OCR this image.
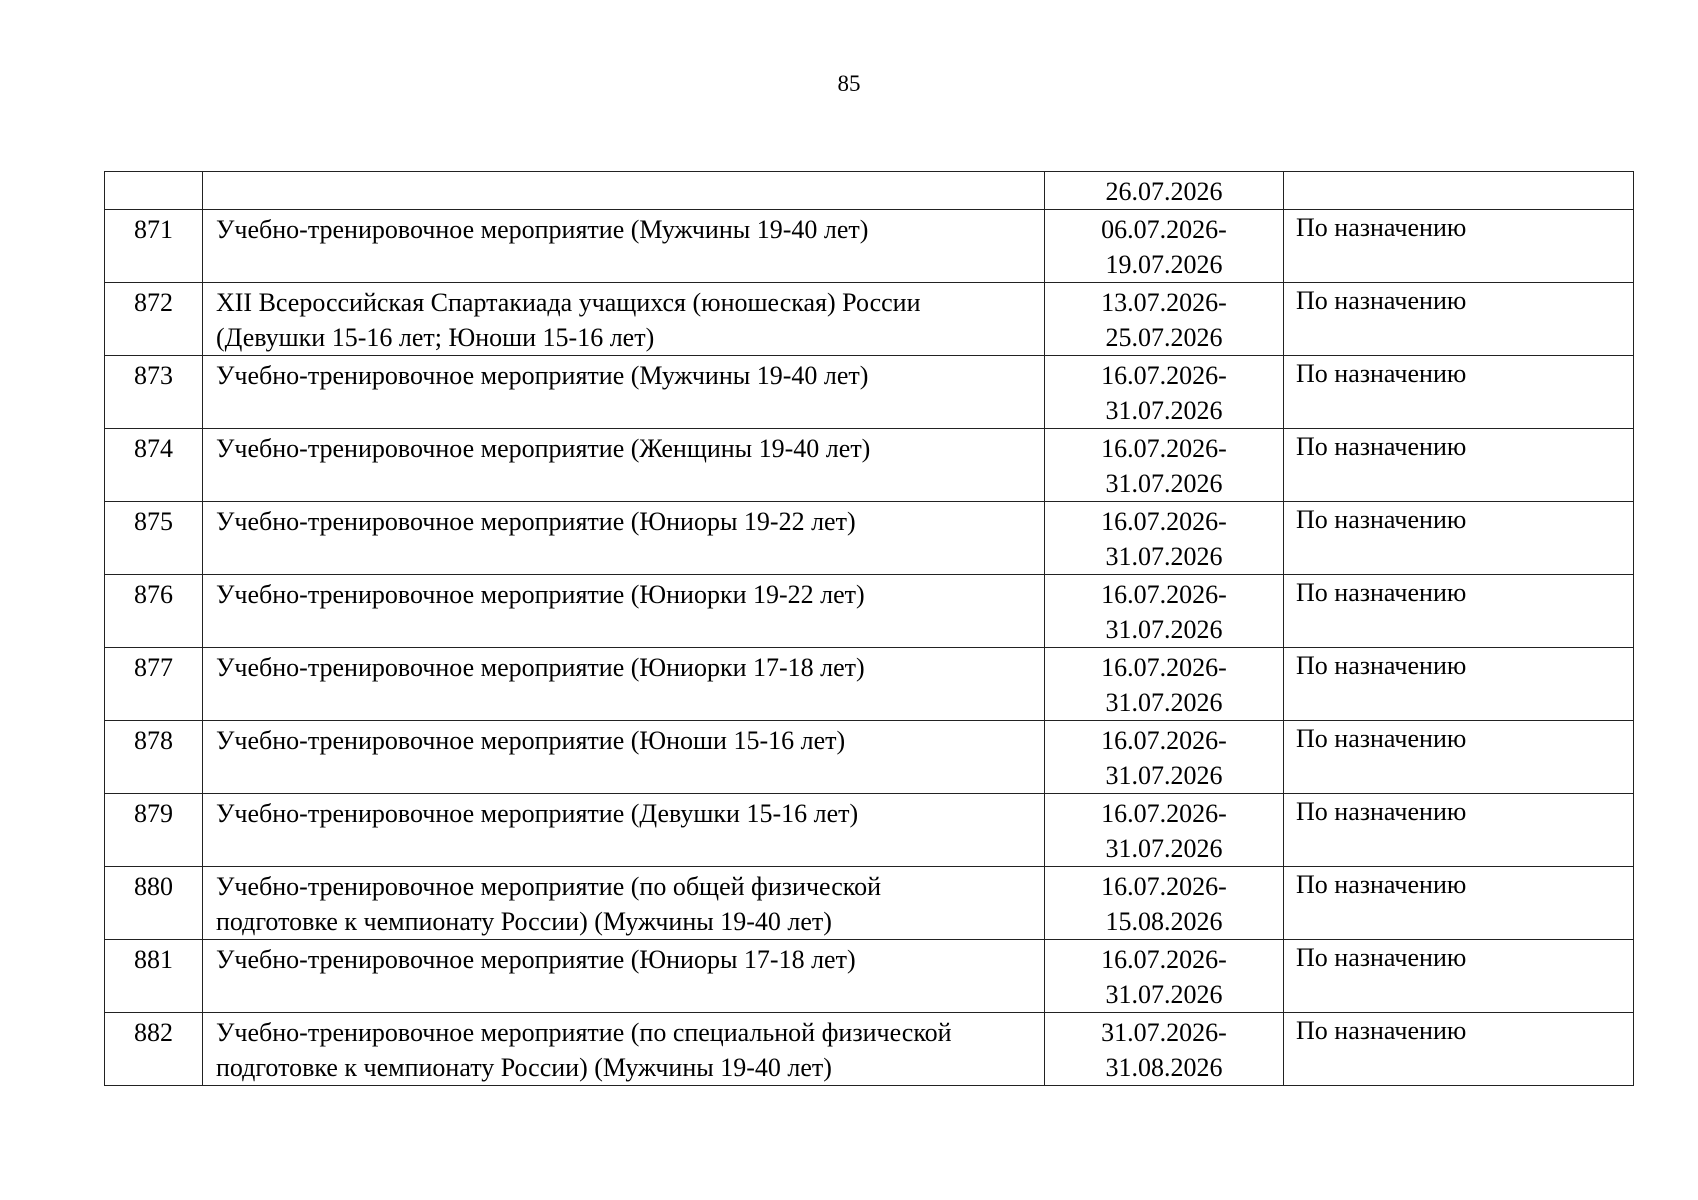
85

		26.07.2026	

871	Учебно-тренировочное мероприятие (Мужчины 19-40 лет)	06.07.2026-
19.07.2026	По назначению

872	XII Всероссийская Спартакиада учащихся (юношеская) России
(Девушки 15-16 лет; Юноши 15-16 лет)	13.07.2026-
25.07.2026	По назначению

873	Учебно-тренировочное мероприятие (Мужчины 19-40 лет)	16.07.2026-
31.07.2026	По назначению

874	Учебно-тренировочное мероприятие (Женщины 19-40 лет)	16.07.2026-
31.07.2026	По назначению

875	Учебно-тренировочное мероприятие (Юниоры 19-22 лет)	16.07.2026-
31.07.2026	По назначению

876	Учебно-тренировочное мероприятие (Юниорки 19-22 лет)	16.07.2026-
31.07.2026	По назначению

877	Учебно-тренировочное мероприятие (Юниорки 17-18 лет)	16.07.2026-
31.07.2026	По назначению

878	Учебно-тренировочное мероприятие (Юноши 15-16 лет)	16.07.2026-
31.07.2026	По назначению

879	Учебно-тренировочное мероприятие (Девушки 15-16 лет)	16.07.2026-
31.07.2026	По назначению

880	Учебно-тренировочное мероприятие (по общей физической
подготовке к чемпионату России) (Мужчины 19-40 лет)	16.07.2026-
15.08.2026	По назначению

881	Учебно-тренировочное мероприятие (Юниоры 17-18 лет)	16.07.2026-
31.07.2026	По назначению

882	Учебно-тренировочное мероприятие (по специальной физической
подготовке к чемпионату России) (Мужчины 19-40 лет)	31.07.2026-
31.08.2026	По назначению
